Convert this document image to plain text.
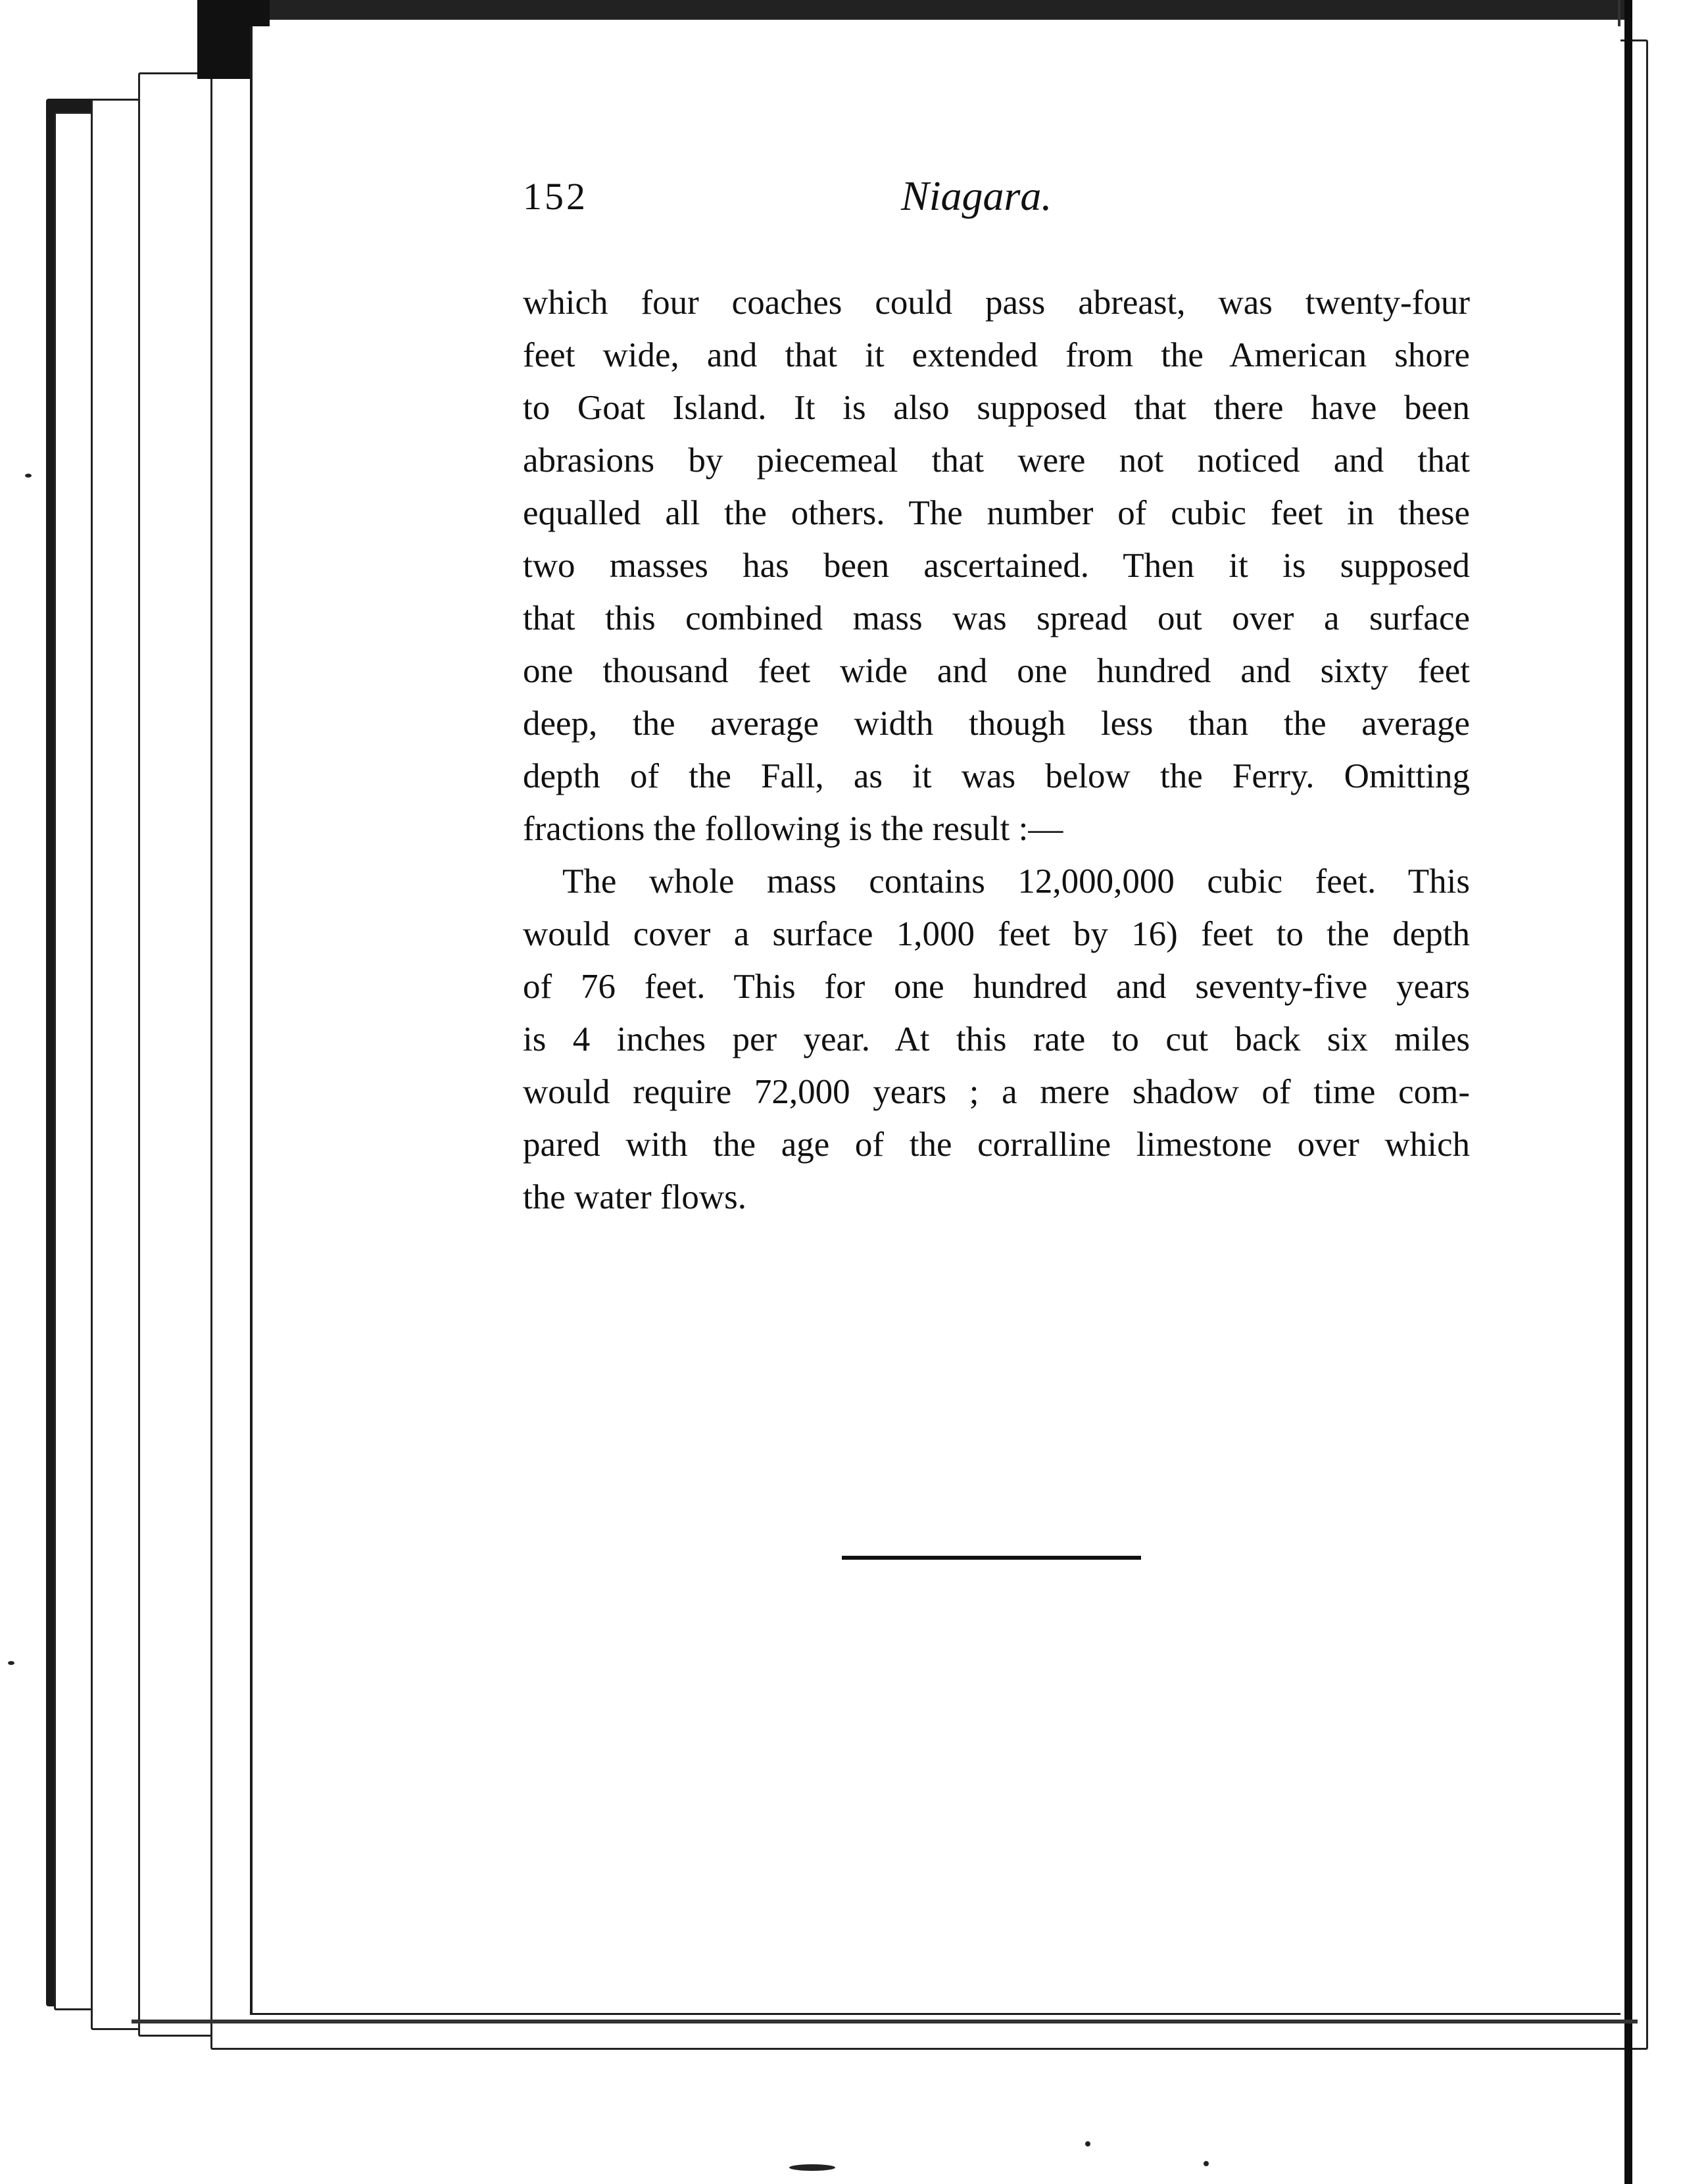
152	Niagara.
which four coaches could pass abreast, was twenty-four
feet wide, and that it extended from the American shore
to Goat Island. It is also supposed that there have been
abrasions by piecemeal that were not noticed and that
equalled all the others. The number of cubic feet in these
two masses has been ascertained. Then it is supposed
that this combined mass was spread out over a surface
one thousand feet wide and one hundred and sixty feet
deep, the average width though less than the average
depth of the Fall, as it was below the Ferry. Omitting
fractions the following is the result :—
The whole mass contains 12,000,000 cubic feet. This
would cover a surface 1,000 feet by 16) feet to the depth
of 76 feet. This for one hundred and seventy-five years
is 4 inches per year. At this rate to cut back six miles
would require 72,000 years ; a mere shadow of time com-
pared with the age of the corralline limestone over which
the water flows.
